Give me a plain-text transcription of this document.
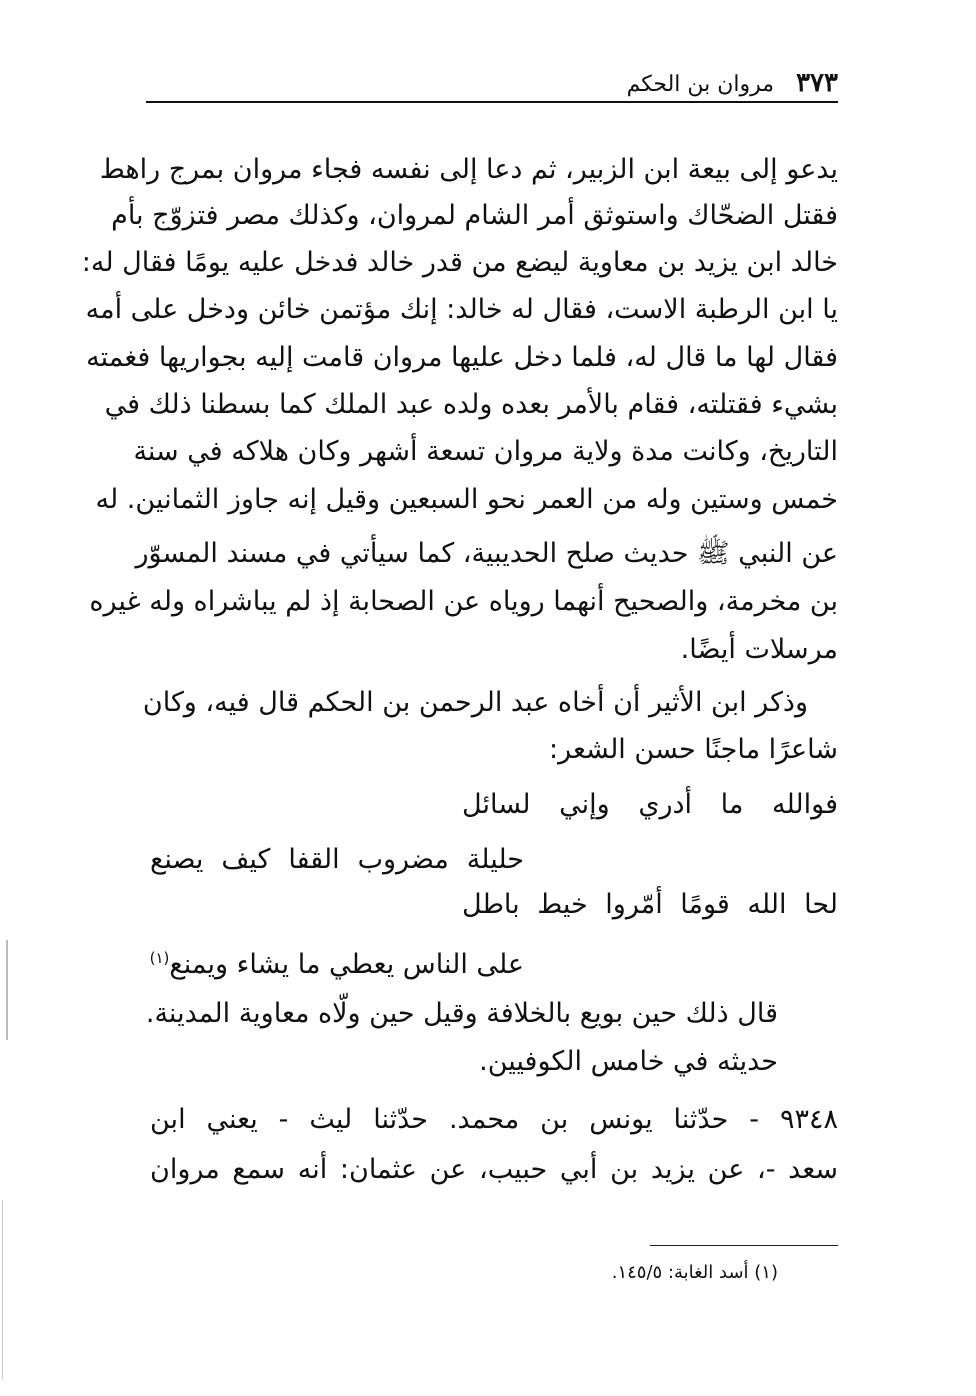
٣٧٣
مروان بن الحكم
يدعو إلى بيعة ابن الزبير، ثم دعا إلى نفسه فجاء مروان بمرج راهط
فقتل الضحّاك واستوثق أمر الشام لمروان، وكذلك مصر فتزوّج بأم
خالد ابن يزيد بن معاوية ليضع من قدر خالد فدخل عليه يومًا فقال له:
يا ابن الرطبة الاست، فقال له خالد: إنك مؤتمن خائن ودخل على أمه
فقال لها ما قال له، فلما دخل عليها مروان قامت إليه بجواريها فغمته
بشيء فقتلته، فقام بالأمر بعده ولده عبد الملك كما بسطنا ذلك في
التاريخ، وكانت مدة ولاية مروان تسعة أشهر وكان هلاكه في سنة
خمس وستين وله من العمر نحو السبعين وقيل إنه جاوز الثمانين. له
عن النبي ﷺ حديث صلح الحديبية، كما سيأتي في مسند المسوّر
بن مخرمة، والصحيح أنهما روياه عن الصحابة إذ لم يباشراه وله غيره
مرسلات أيضًا.
وذكر ابن الأثير أن أخاه عبد الرحمن بن الحكم قال فيه، وكان
شاعرًا ماجنًا حسن الشعر:
فوالله ما أدري وإني لسائل
حليلة مضروب القفا كيف يصنع
لحا الله قومًا أمّروا خيط باطل
على الناس يعطي ما يشاء ويمنع$^{(١)}$
قال ذلك حين بويع بالخلافة وقيل حين ولّاه معاوية المدينة.
حديثه في خامس الكوفيين.
٩٣٤٨ - حدّثنا يونس بن محمد. حدّثنا ليث - يعني ابن
سعد -، عن يزيد بن أبي حبيب، عن عثمان: أنه سمع مروان
(١) أسد الغابة: ١٤٥/٥.
